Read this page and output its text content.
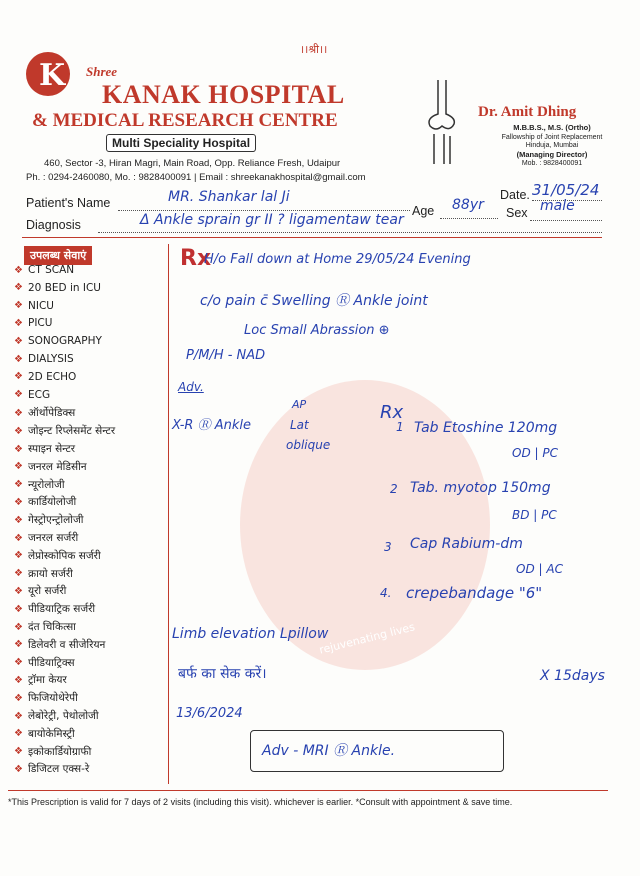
।।श्री।।
K Shree
KANAK HOSPITAL
& MEDICAL RESEARCH CENTRE
Multi Speciality Hospital
460, Sector -3, Hiran Magri, Main Road, Opp. Reliance Fresh, Udaipur
Ph. : 0294-2460080, Mo. : 9828400091 | Email : shreekanakhospital@gmail.com
Dr. Amit Dhing
M.B.B.S., M.S. (Ortho)
Fallowship of Joint Replacement
Hinduja, Mumbai
(Managing Director)
Mob. : 9828400091
Date. 31/05/24
Patient's Name	MR. Shankar lal Ji
Age 88yr Sex male
Diagnosis	Δ Ankle sprain gr II ? ligamentaw tear
rejuvenating lives
उपलब्ध सेवाएं
❖ CT SCAN
❖ 20 BED in ICU
❖ NICU
❖ PICU
❖ SONOGRAPHY
❖ DIALYSIS
❖ 2D ECHO
❖ ECG
❖ ऑर्थोपेडिक्स
❖ जोइन्ट रिप्लेसमेंट सेन्टर
❖ स्पाइन सेन्टर
❖ जनरल मेडिसीन
❖ न्यूरोलोजी
❖ कार्डियोलोजी
❖ गेस्ट्रोएन्ट्रोलोजी
❖ जनरल सर्जरी
❖ लेप्रोस्कोपिक सर्जरी
❖ क्रायो सर्जरी
❖ यूरो सर्जरी
❖ पीडियाट्रिक सर्जरी
❖ दंत चिकित्सा
❖ डिलेवरी व सीजेरियन
❖ पीडियाट्रिक्स
❖ ट्रॉमा केयर
❖ फिजियोथेरेपी
❖ लेबोरेट्री, पेथोलोजी
❖ बायोकेमिस्ट्री
❖ इकोकार्डियोग्राफी
❖ डिजिटल एक्स-रे
Rx
H/o Fall down at Home 29/05/24 Evening
c/o pain c̄ Swelling Ⓡ Ankle joint
Loc Small Abrassion ⊕
P/M/H - NAD
Adv.
X-R Ⓡ Ankle
AP
Lat
oblique
Rx
1 Tab Etoshine 120mg
OD | PC
2 Tab. myotop 150mg
BD | PC
3 Cap Rabium-dm
OD | AC
4. crepebandage "6"
Limb elevation Lpillow
बर्फ का सेक करें।	X 15days
13/6/2024
Adv - MRI Ⓡ Ankle.
*This Prescription is valid for 7 days of 2 visits (including this visit). whichever is earlier. *Consult with appointment & save time.
